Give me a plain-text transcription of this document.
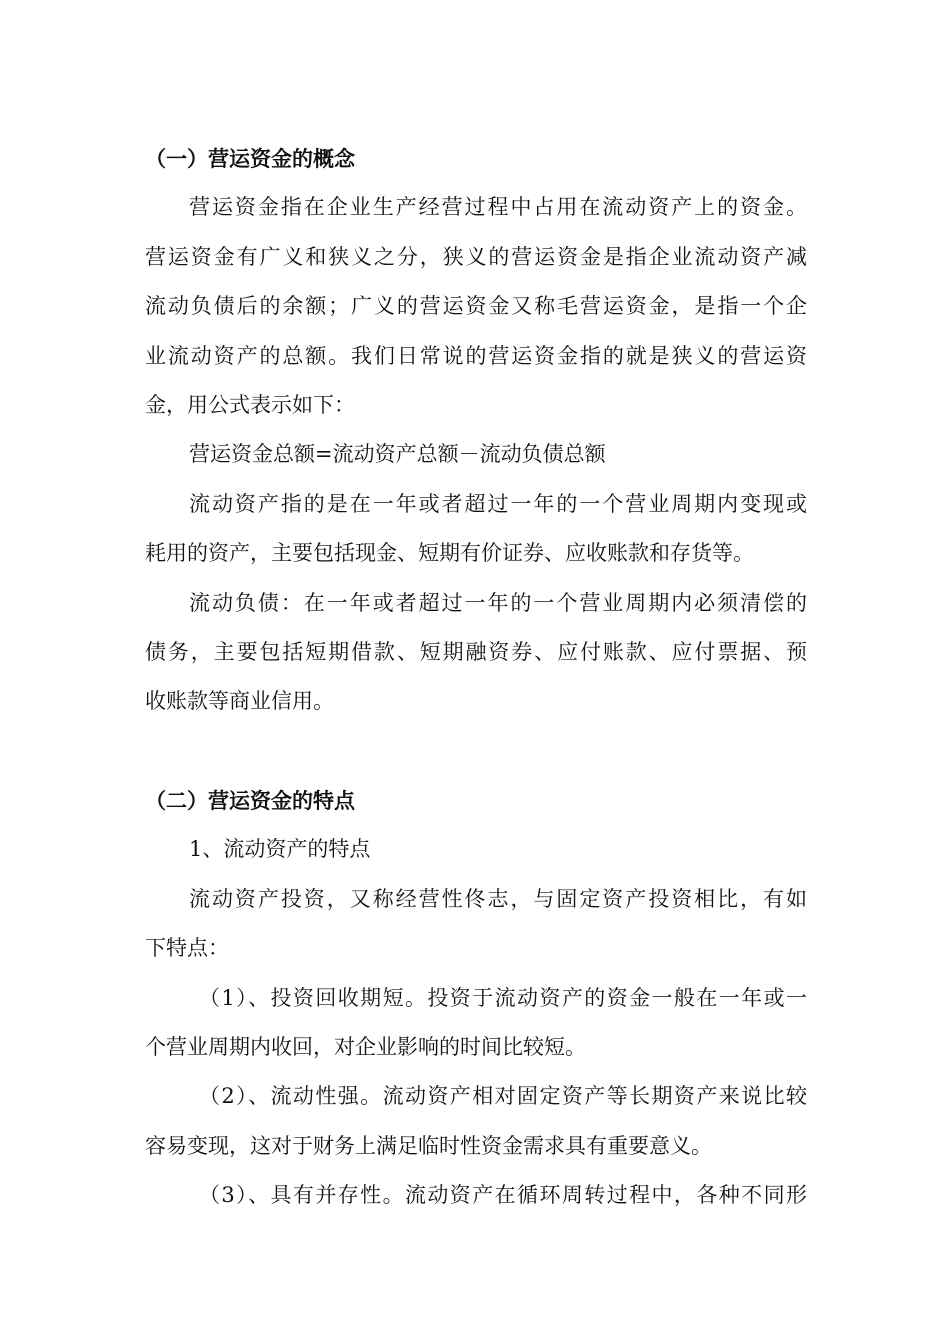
（一）营运资金的概念
营运资金指在企业生产经营过程中占用在流动资产上的资金。
营运资金有广义和狭义之分，狭义的营运资金是指企业流动资产减
流动负债后的余额；广义的营运资金又称毛营运资金，是指一个企
业流动资产的总额。我们日常说的营运资金指的就是狭义的营运资
金，用公式表示如下：
营运资金总额=流动资产总额－流动负债总额
流动资产指的是在一年或者超过一年的一个营业周期内变现或
耗用的资产，主要包括现金、短期有价证券、应收账款和存货等。
流动负债：在一年或者超过一年的一个营业周期内必须清偿的
债务，主要包括短期借款、短期融资券、应付账款、应付票据、预
收账款等商业信用。
（二）营运资金的特点
1、流动资产的特点
流动资产投资，又称经营性佟志，与固定资产投资相比，有如
下特点：
（1）、投资回收期短。投资于流动资产的资金一般在一年或一
个营业周期内收回，对企业影响的时间比较短。
（2）、流动性强。流动资产相对固定资产等长期资产来说比较
容易变现，这对于财务上满足临时性资金需求具有重要意义。
（3）、具有并存性。流动资产在循环周转过程中，各种不同形
